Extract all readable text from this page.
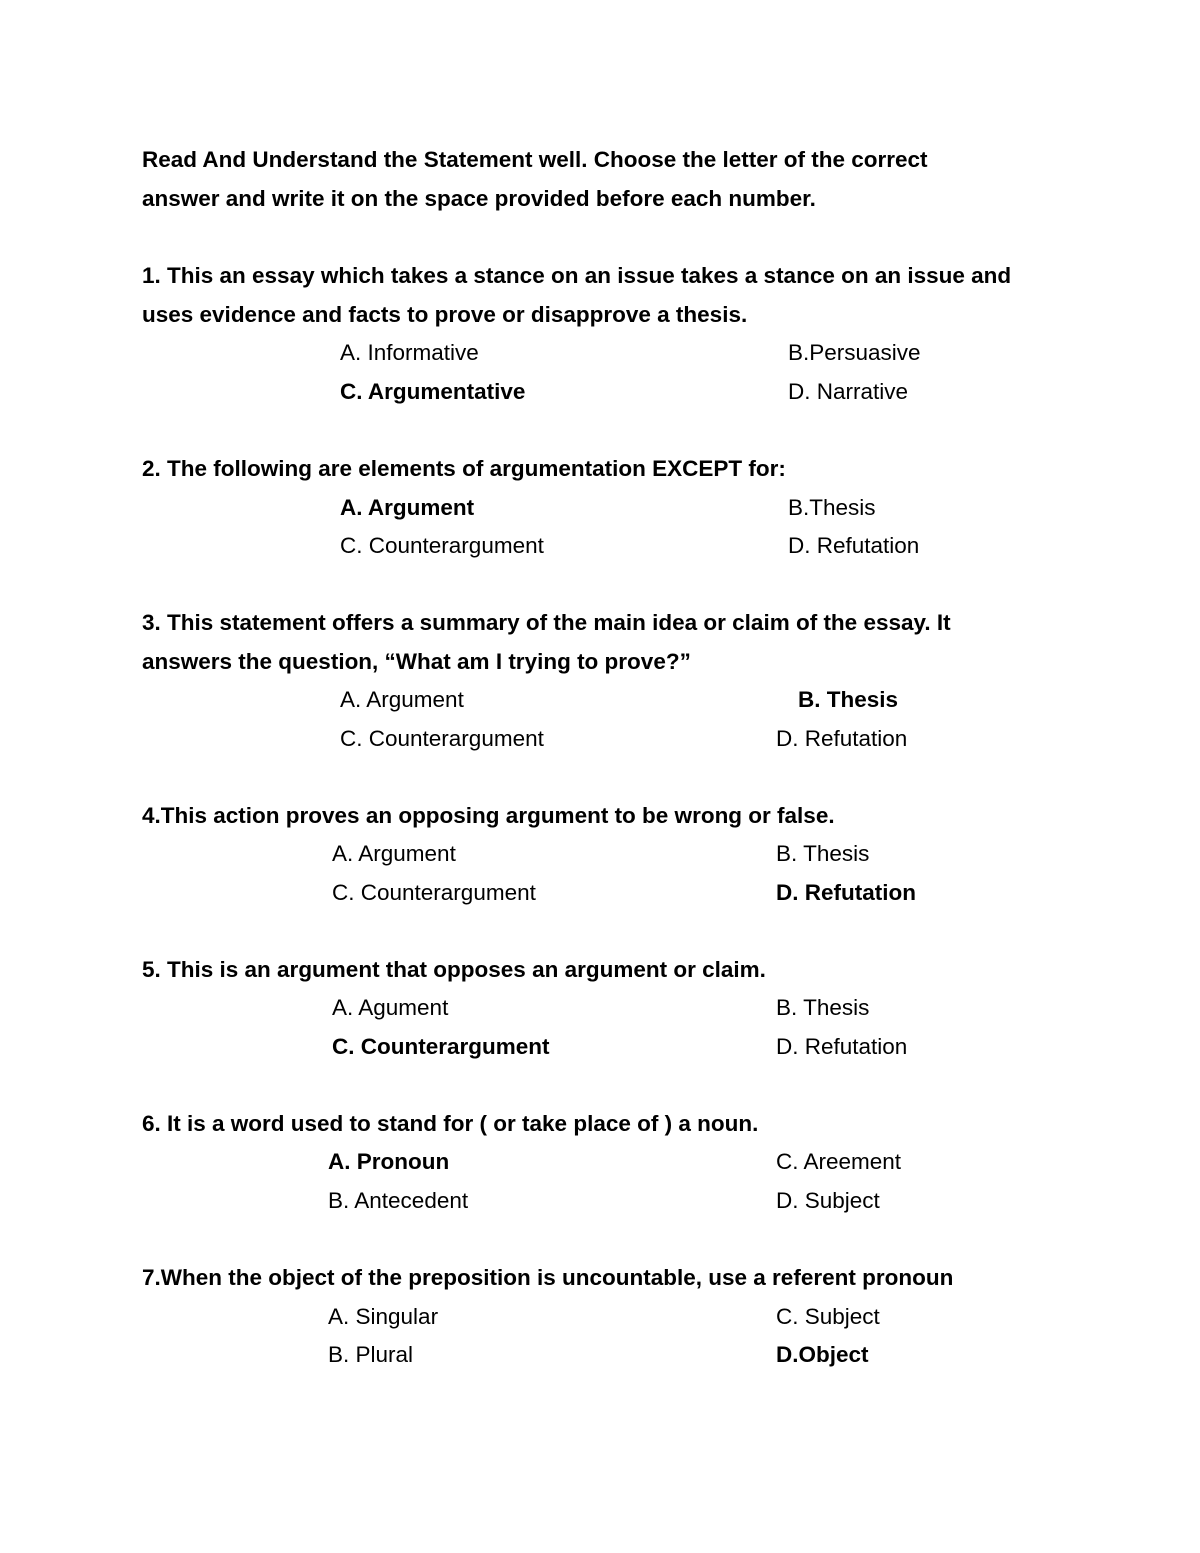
Read And Understand the Statement well. Choose the letter of the correct
answer and write it on the space provided before each number.
1. This an essay which takes a stance on an issue takes a stance on an issue and
uses evidence and facts to prove or disapprove a thesis.
A. Informative	B.Persuasive
C. Argumentative	D. Narrative
2. The following are elements of argumentation EXCEPT for:
A. Argument	B.Thesis
C. Counterargument	D. Refutation
3. This statement offers a summary of the main idea or claim of the essay. It
answers the question, “What am I trying to prove?”
A. Argument	B. Thesis
C. Counterargument	D. Refutation
4.This action proves an opposing argument to be wrong or false.
A. Argument	B. Thesis
C. Counterargument	D. Refutation
5. This is an argument that opposes an argument or claim.
A. Agument	B. Thesis
C. Counterargument	D. Refutation
6. It is a word used to stand for ( or take place of ) a noun.
A. Pronoun	C. Areement
B. Antecedent	D. Subject
7.When the object of the preposition is uncountable, use a referent pronoun
A. Singular	C. Subject
B. Plural	D.Object
